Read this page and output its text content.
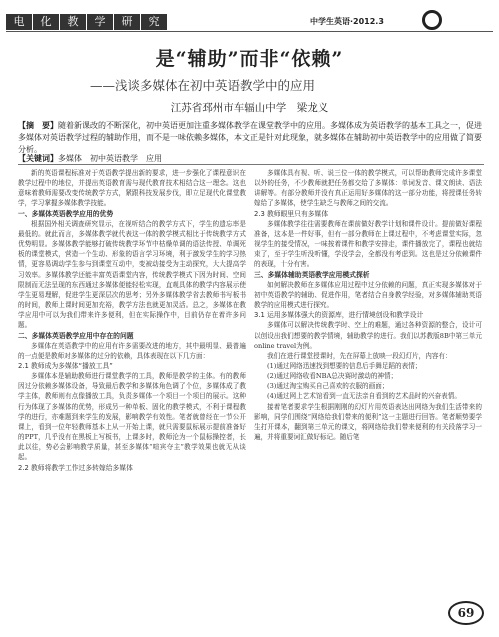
电	化	教	学	研	究	中学生英语·2012.3
是“辅助”而非“依赖”
——浅谈多媒体在初中英语教学中的应用
江苏省邳州市车辐山中学　梁龙义
【摘　要】随着新课改的不断深化，初中英语更加注重多媒体教学在课堂教学中的应用。多媒体成为英语教学的基本工具之一，促进多媒体对英语教学过程的辅助作用，而不是一味依赖多媒体，本文正是针对此现象，就多媒体在辅助初中英语教学中的应用做了简要分析。
【关键词】多媒体　初中英语教学　应用

新的英语课程标准对于英语教学提出新的要求，进一步强化了课程意识在教学过程中的地位，并提出英语教育需与现代教育技术相结合这一理念。这也意味着教师需要改变传统教学方式，紧跟科技发展步伐，即立足现代化课堂教学，学习掌握多媒体教学技能。

一、多媒体英语教学应用的优势

根据国外相关调查研究显示，在视听结合的教学方式下，学生的遗忘率是最低的。就此而言，多媒体教学就代表这一体的教学模式相比于传统教学方式优势明显。多媒体教学能够打破传统教学环节中枯燥单调的语法传授、单调死板的课堂模式，营造一个生动、形象的语言学习环境，利于激发学生的学习热情，更容易调动学生参与到课堂互动中，变被动接受为主动探究，大大提高学习效率。多媒体教学还能丰富英语课堂内容，传统教学模式下因为时间、空间限制而无法呈现的东西通过多媒体便能轻松实现，直观具体的教学内容展示使学生更易理解，促进学生更深层次的思考；另外多媒体教学省去教师书写板书的时间，教师上课时间更加充裕，教学方法也就更加灵活。总之，多媒体在教学应用中可以为我们带来许多便利，但在实际操作中，目前仍存在着许多问题。

二、多媒体英语教学应用中存在的问题

多媒体在英语教学中的应用有许多需要改进的地方，其中最明显、最普遍的一点便是教师对多媒体的过分的依赖，具体表现在以下几方面：

2.1 教师成为多媒体“播放工具”

多媒体本是辅助教师进行课堂教学的工具，教师是教学的主体。有的教师因过分依赖多媒体设备，导致最后教学和多媒体角色调了个位，多媒体成了教学主体，教师则有点像播放工具，负责多媒体一个项目一个项目的展示。这种行为体现了多媒体的优势，形成另一种单板、固化的教学模式，不利于课程教学的进行，亦难题到来学生的发展，影响教学有效性。笔者就曾经在一节公开课上，看到一位年轻教师基本上从一开始上课，就只需要鼠标展示提前准备好的PPT，几乎没有在黑板上写板书，上课多时，教师沦为一个鼠标操控者，长此以往，势必会影响教学质量，甚至多媒体“喧宾夺主”教学效果也就无从谈起。

2.2 教师将教学工作过多转嫁给多媒体

多媒体具有视、听、说三位一体的教学模式，可以帮助教师完成许多课堂以外的任务，不少教师就把任务都交给了多媒体：单词发音、课文朗读、语法讲解等。有部分教师并没有真正运用好多媒体的这一部分功能，将授课任务转嫁给了多媒体，使学生缺乏与教师之间的交流。

2.3 教师眼里只有多媒体

多媒体教学往往需要教师在课前做好教学计划和课件设计。提前做好课程准备，这本是一件好事，但有一部分教师在上课过程中，不考虑课堂实际，忽视学生的接受情况，一味按着课件和教学安排走，课件播放完了，课程也就结束了，至于学生听没听懂，学没学会，全都没有考虑到。这也是过分依赖课件的表现，十分有害。

三、多媒体辅助英语教学应用模式探析

如何解决教师在多媒体应用过程中过分依赖的问题，真正实现多媒体对于初中英语教学的辅助、促进作用，笔者结合自身教学经验，对多媒体辅助英语教学的应用模式进行探究。

3.1 运用多媒体强大的资源库，进行情境创设和教学设计

多媒体可以解决传统教学时、空上的难题，通过各种资源的整合，设计可以创设出我们想要的教学情境，辅助教学的进行。我们以苏教版8B中第三单元online travel为例。

我们在进行课堂授课时，先在屏幕上放映一段幻灯片，内容有：

(1)通过网络迅速找到想要的信息后手舞足蹈的表情；

(2)通过网络收看NBA总决赛时激动的神情；

(3)通过淘宝购买自己喜欢的衣服的画面；

(4)通过网上艺术馆看到一直无法亲自看到的艺术品时的兴奋表情。

接着笔者要求学生根据刚刚的幻灯片用英语表达出网络为我们生活带来的影响，同学们围绕“网络给我们带来的便利”这一主题进行回答。笔者顺势要学生打开课本，翻到第三单元的课文，将网络给我们带来便利的有关段落学习一遍，并将重要词汇做好标记。随后笔

69
